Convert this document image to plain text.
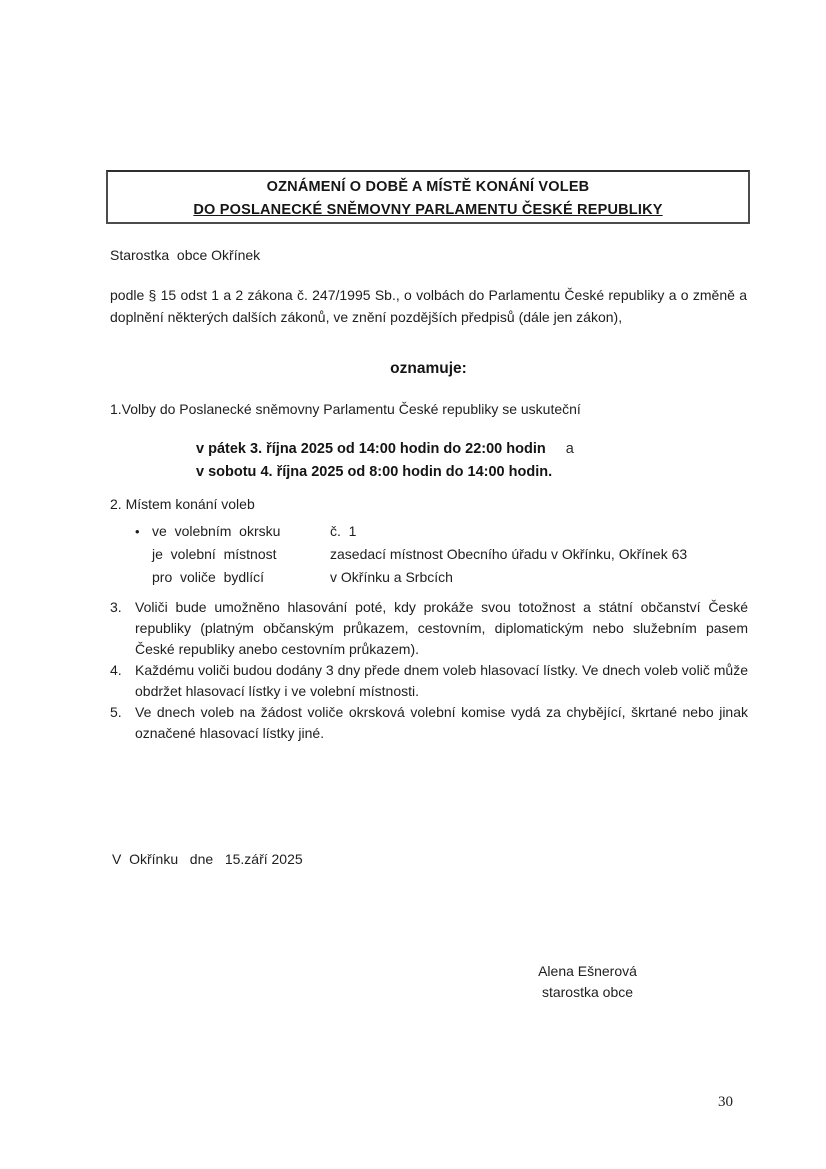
OZNÁMENÍ O DOBĚ A MÍSTĚ KONÁNÍ VOLEB
DO POSLANECKÉ SNĚMOVNY PARLAMENTU ČESKÉ REPUBLIKY
Starostka  obce Okřínek
podle § 15 odst 1 a 2 zákona č. 247/1995 Sb., o volbách do Parlamentu České republiky a o změně a doplnění některých dalších zákonů, ve znění pozdějších předpisů (dále jen zákon),
oznamuje:
1.Volby do Poslanecké sněmovny Parlamentu České republiky se uskuteční
v pátek 3. října 2025 od 14:00 hodin do 22:00 hodin a
v sobotu 4. října 2025 od 8:00 hodin do 14:00 hodin.
2. Místem konání voleb
• ve  volebním  okrsku	č.  1
je  volební  místnost	zasedací místnost Obecního úřadu v Okřínku, Okřínek 63
pro  voliče  bydlící	v Okřínku a Srbcích
3. Voliči bude umožněno hlasování poté, kdy prokáže svou totožnost a státní občanství České republiky (platným občanským průkazem, cestovním, diplomatickým nebo služebním pasem České republiky anebo cestovním průkazem).
4. Každému voliči budou dodány 3 dny přede dnem voleb hlasovací lístky. Ve dnech voleb volič může obdržet hlasovací lístky i ve volební místnosti.
5. Ve dnech voleb na žádost voliče okrsková volební komise vydá za chybějící, škrtané nebo jinak označené hlasovací lístky jiné.
V  Okřínku   dne   15.září 2025
Alena Ešnerová
starostka obce
30
